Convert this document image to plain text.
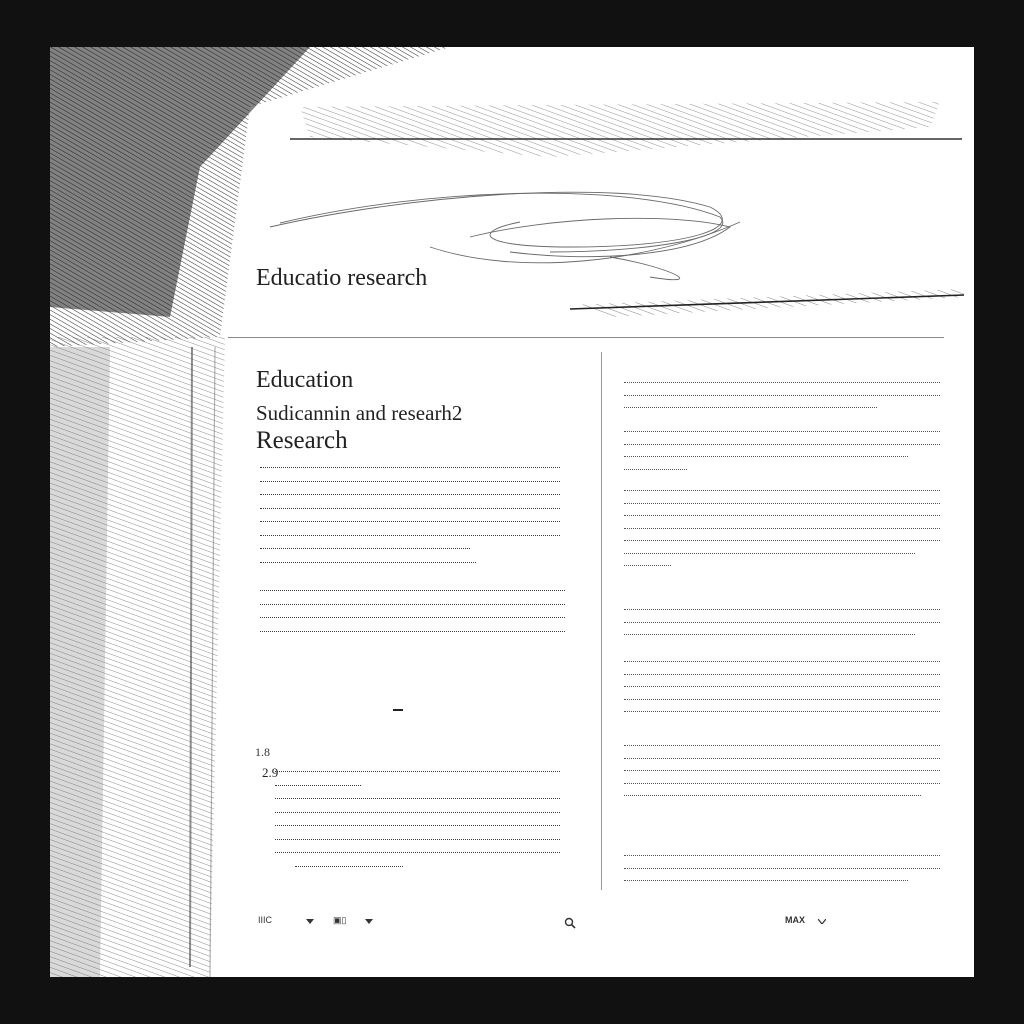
Educatio research
Education
Sudicannin and researh2
Research
1.8
2.9
IIIC	▣▯	MAX
